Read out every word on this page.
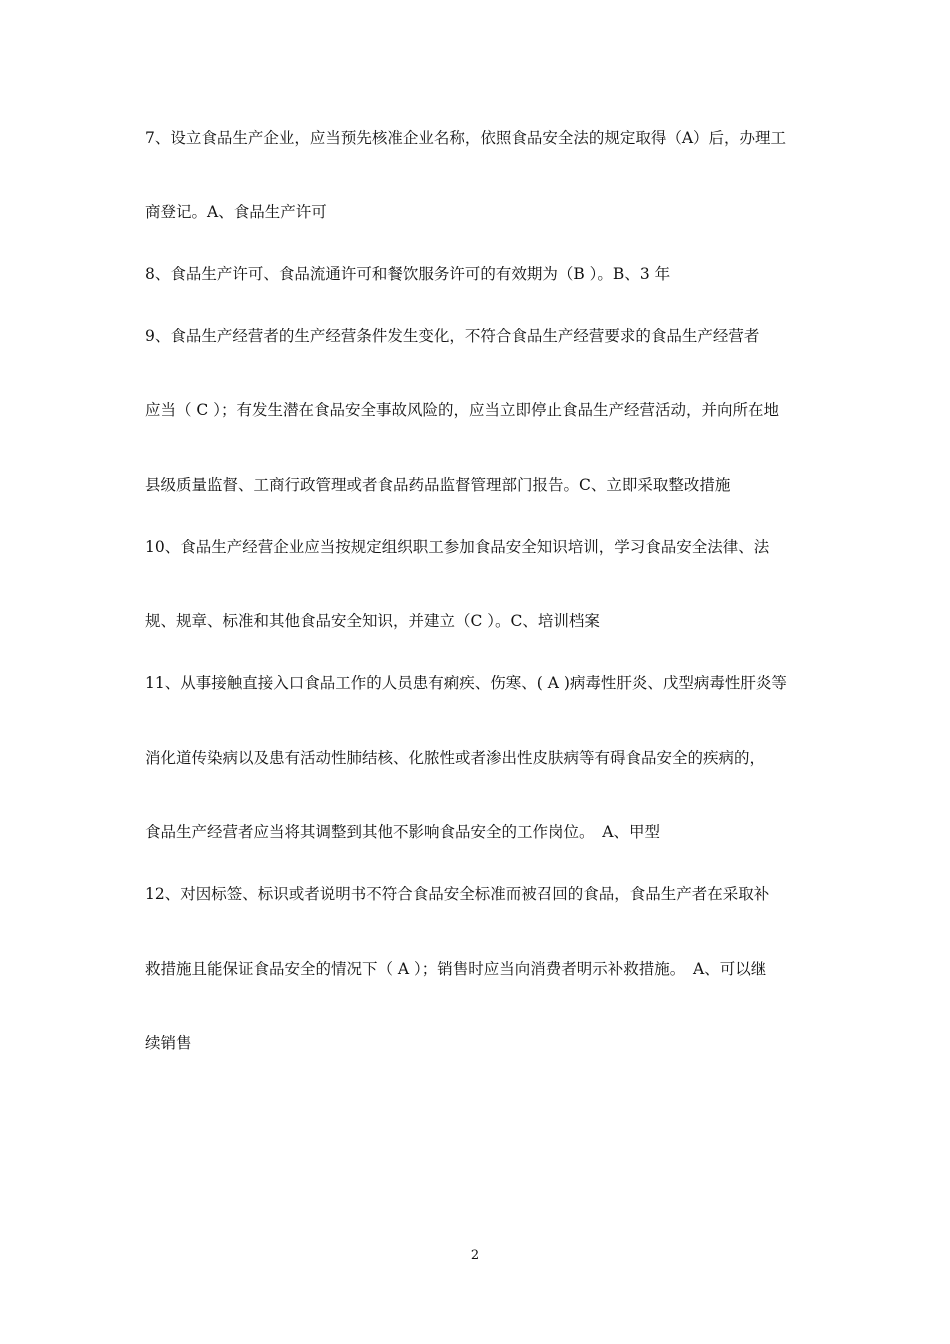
7、设立食品生产企业，应当预先核准企业名称，依照食品安全法的规定取得（A）后，办理工
商登记。A、食品生产许可
8、食品生产许可、食品流通许可和餐饮服务许可的有效期为（B ）。B、3 年
9、食品生产经营者的生产经营条件发生变化，不符合食品生产经营要求的食品生产经营者
应当（ C ）；有发生潜在食品安全事故风险的，应当立即停止食品生产经营活动，并向所在地
县级质量监督、工商行政管理或者食品药品监督管理部门报告。C、立即采取整改措施
10、食品生产经营企业应当按规定组织职工参加食品安全知识培训，学习食品安全法律、法
规、规章、标准和其他食品安全知识，并建立（C ）。C、培训档案
11、从事接触直接入口食品工作的人员患有痢疾、伤寒、( A )病毒性肝炎、戊型病毒性肝炎等
消化道传染病以及患有活动性肺结核、化脓性或者渗出性皮肤病等有碍食品安全的疾病的，
食品生产经营者应当将其调整到其他不影响食品安全的工作岗位。　A、甲型
12、对因标签、标识或者说明书不符合食品安全标准而被召回的食品，食品生产者在采取补
救措施且能保证食品安全的情况下（ A ）；销售时应当向消费者明示补救措施。　A、可以继
续销售
2
